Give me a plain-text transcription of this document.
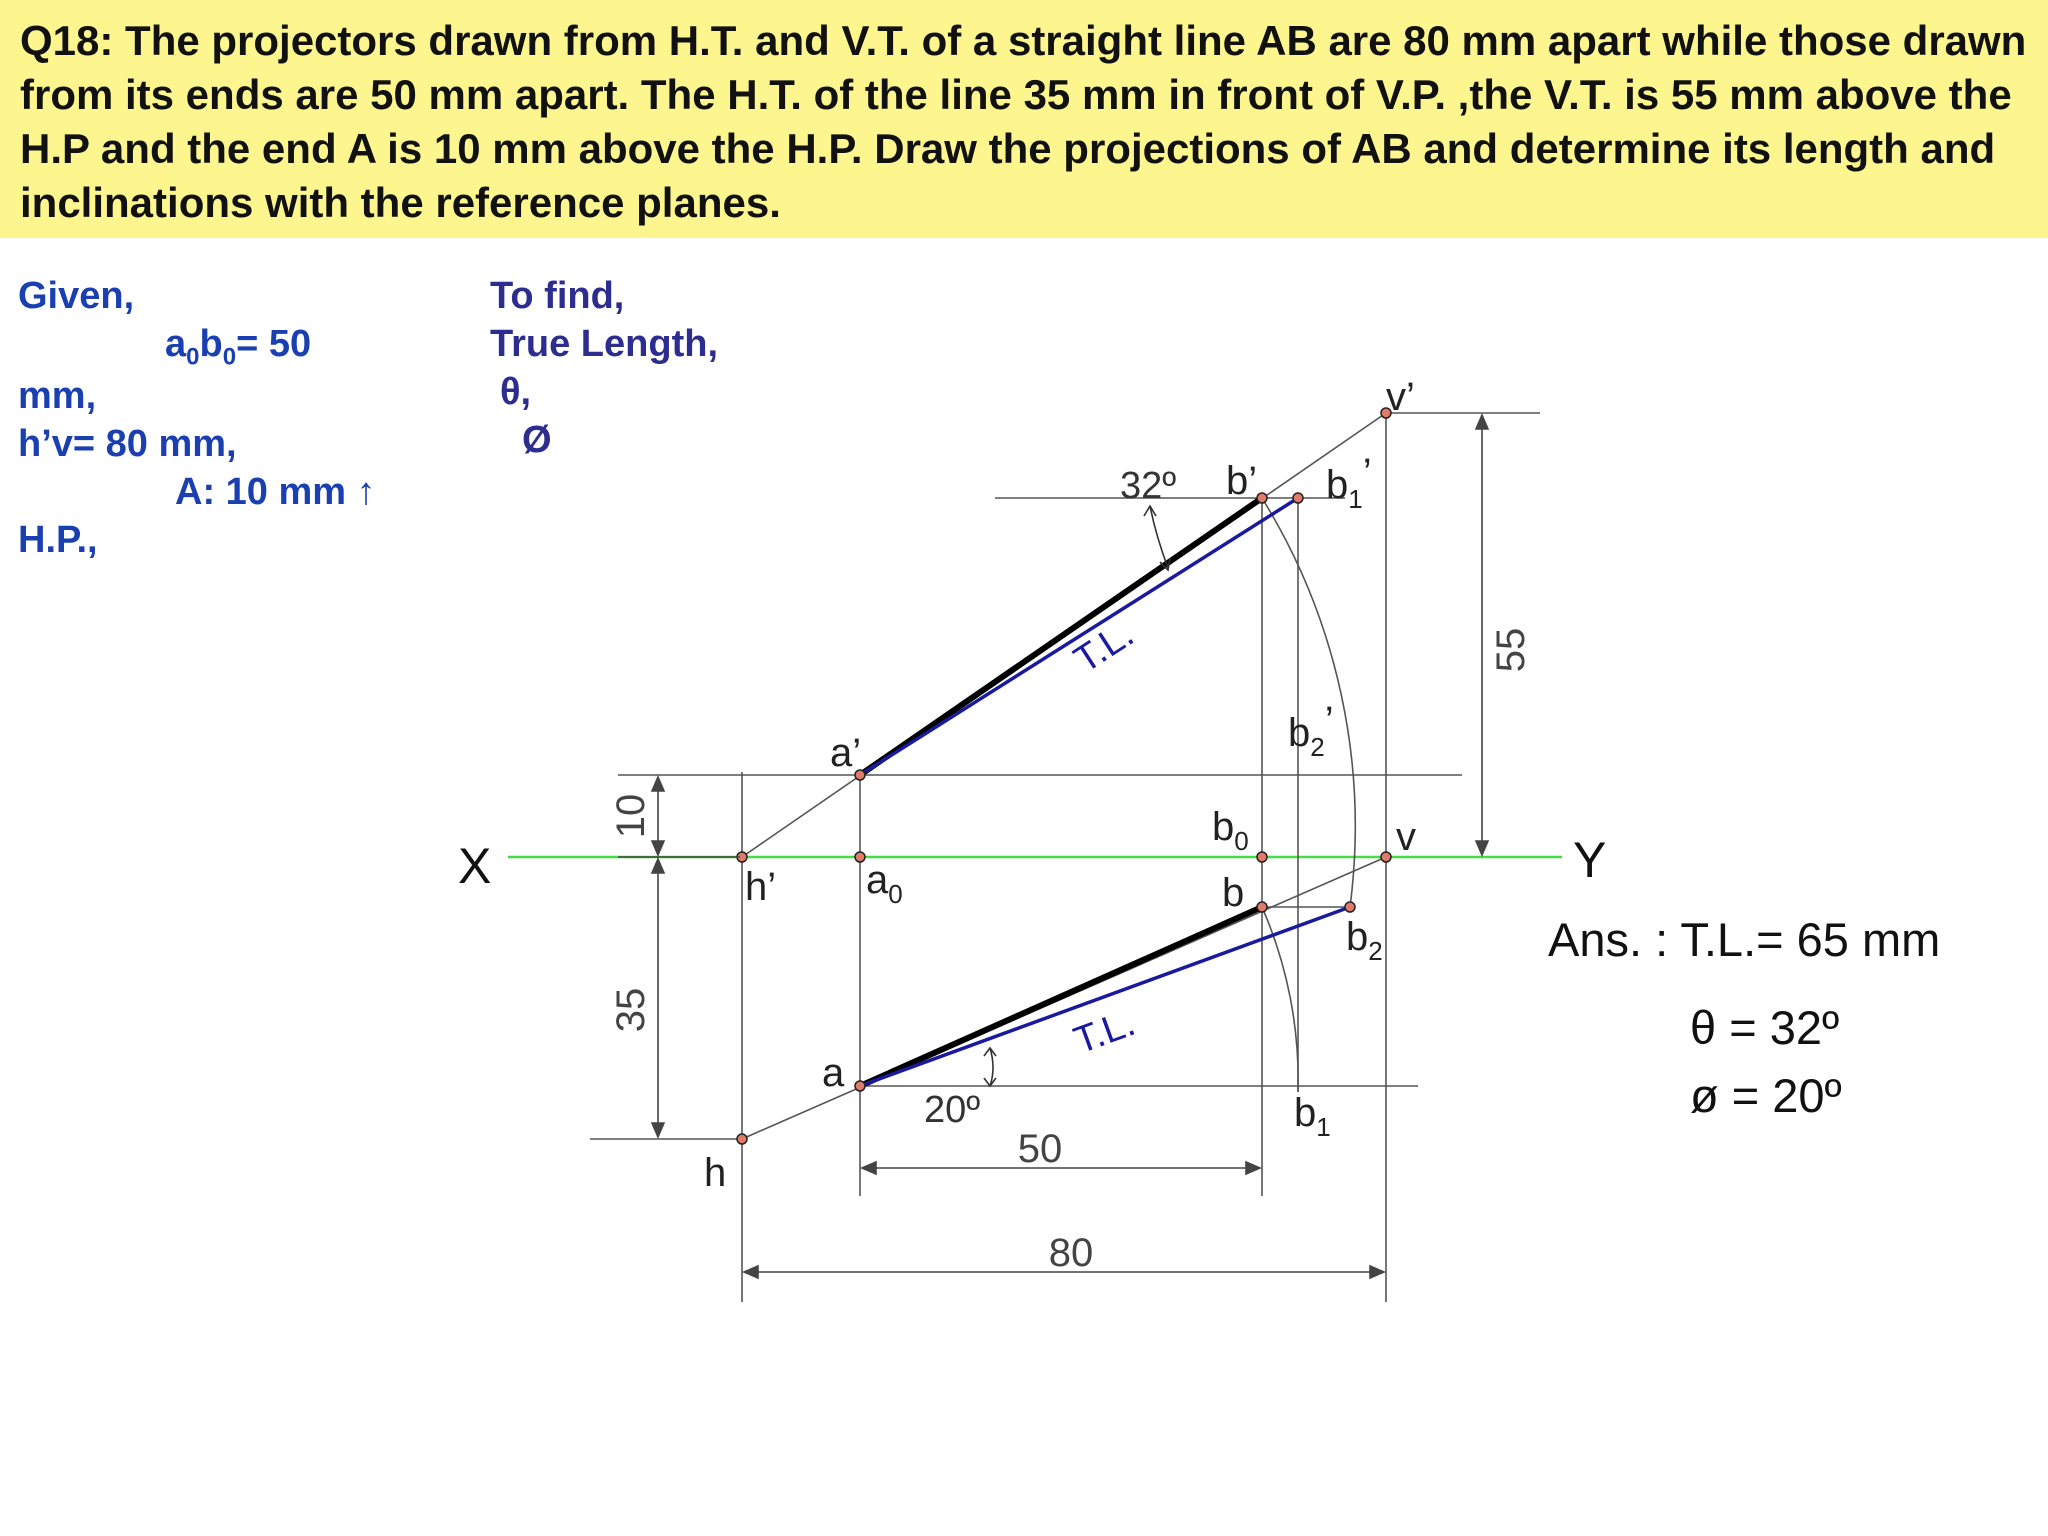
Q18: The projectors drawn from H.T. and V.T. of a straight line AB are 80 mm apart while those drawn from its ends are 50 mm apart. The H.T. of the line 35 mm in front of V.P. ,the V.T. is 55 mm above the H.P and the end A is 10 mm above the H.P. Draw the projections of AB and determine its length and inclinations with the reference planes.

Given,
$a_0b_0= 50$
mm,
h’v= 80 mm,
A: 10 mm ↑
H.P.,
To find,
True Length,
θ,
Ø
X	Y
a’
b’ $b_1$’
v’
$b_2$’
$b_0$	v
h’ $a_0$	b
$b_2$
a
$b_1$
h
32º
20º
T.L.
T.L.
10
35
55
50
80
Ans. : T.L.= 65 mm
θ = 32º
ø = 20º
